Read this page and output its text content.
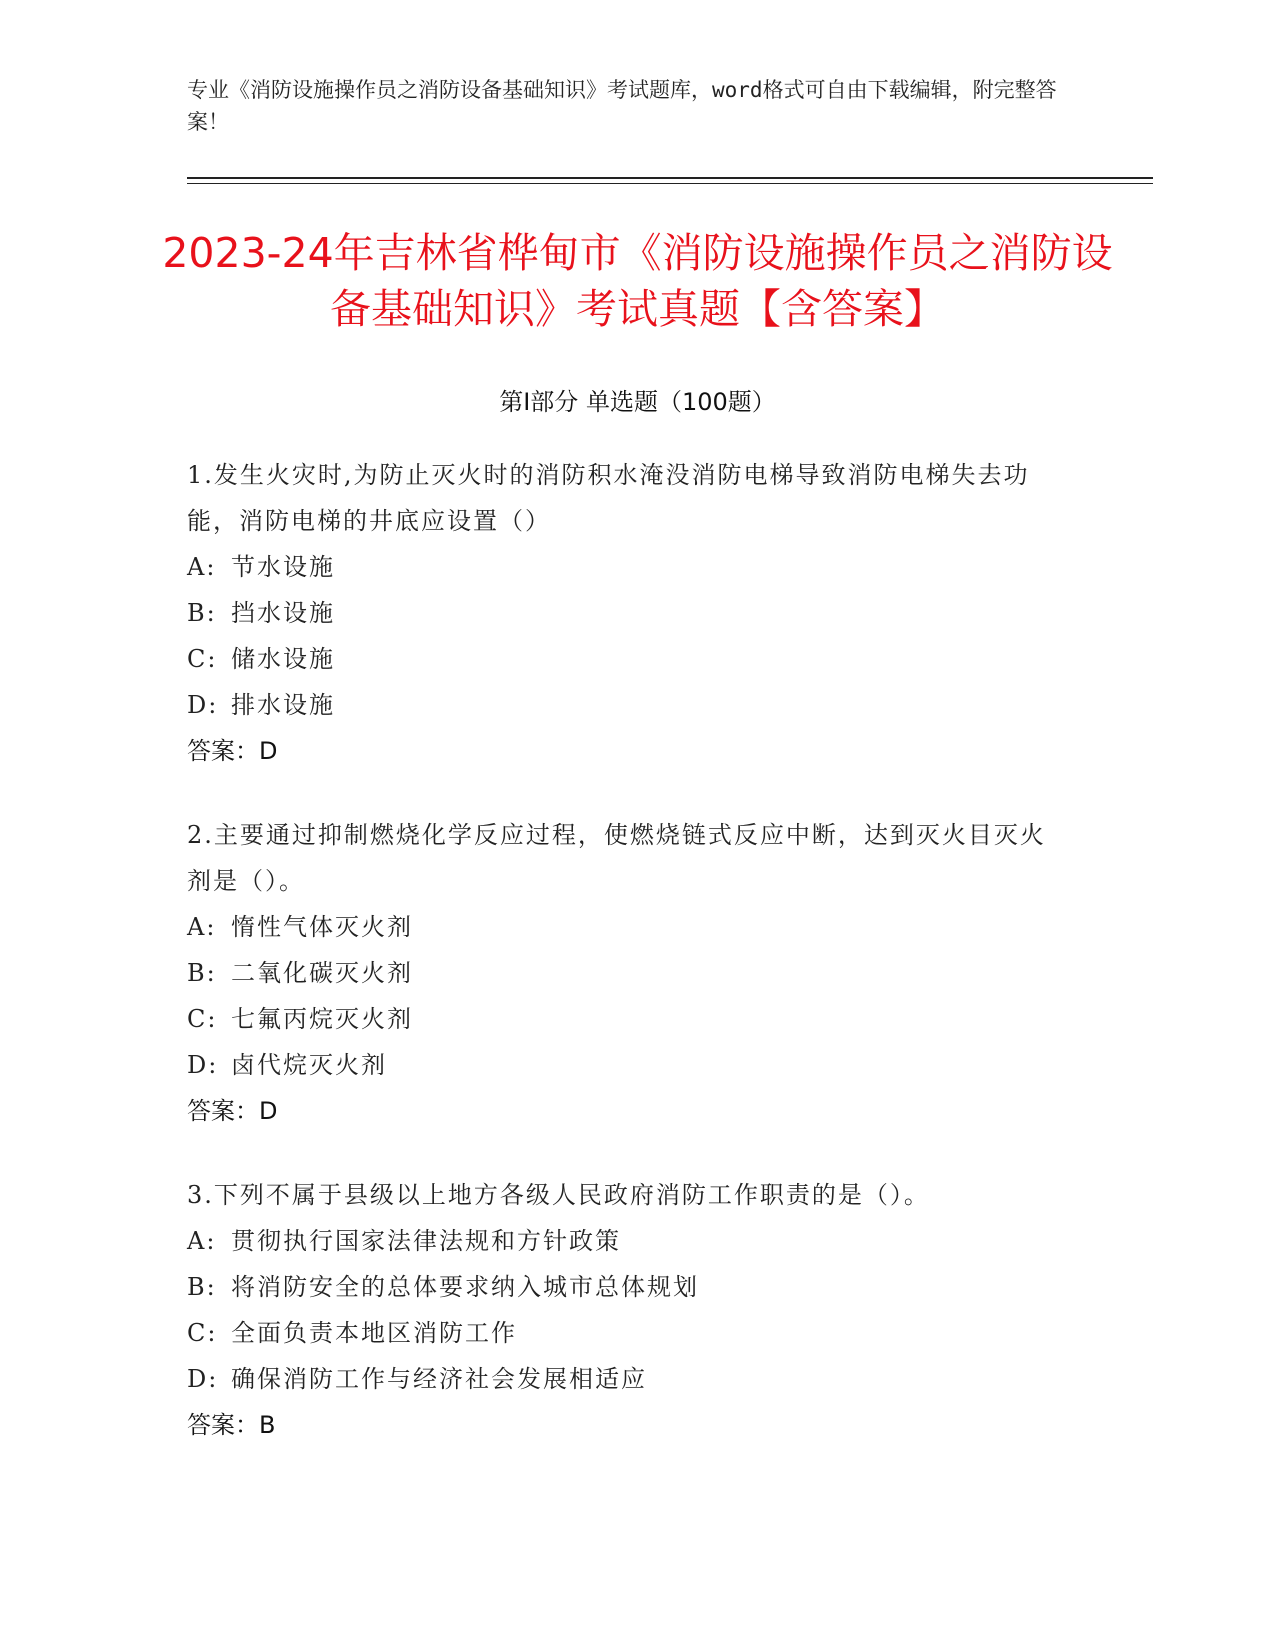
专业《消防设施操作员之消防设备基础知识》考试题库，word格式可自由下载编辑，附完整答案！
2023-24年吉林省桦甸市《消防设施操作员之消防设备基础知识》考试真题【含答案】
第Ⅰ部分 单选题（100题）
1.发生火灾时,为防止灭火时的消防积水淹没消防电梯导致消防电梯失去功能，消防电梯的井底应设置（）
A: 节水设施
B: 挡水设施
C: 储水设施
D: 排水设施
答案：D
2.主要通过抑制燃烧化学反应过程，使燃烧链式反应中断，达到灭火目灭火剂是（）。
A: 惰性气体灭火剂
B: 二氧化碳灭火剂
C: 七氟丙烷灭火剂
D: 卤代烷灭火剂
答案：D
3.下列不属于县级以上地方各级人民政府消防工作职责的是（）。
A: 贯彻执行国家法律法规和方针政策
B: 将消防安全的总体要求纳入城市总体规划
C: 全面负责本地区消防工作
D: 确保消防工作与经济社会发展相适应
答案：B
